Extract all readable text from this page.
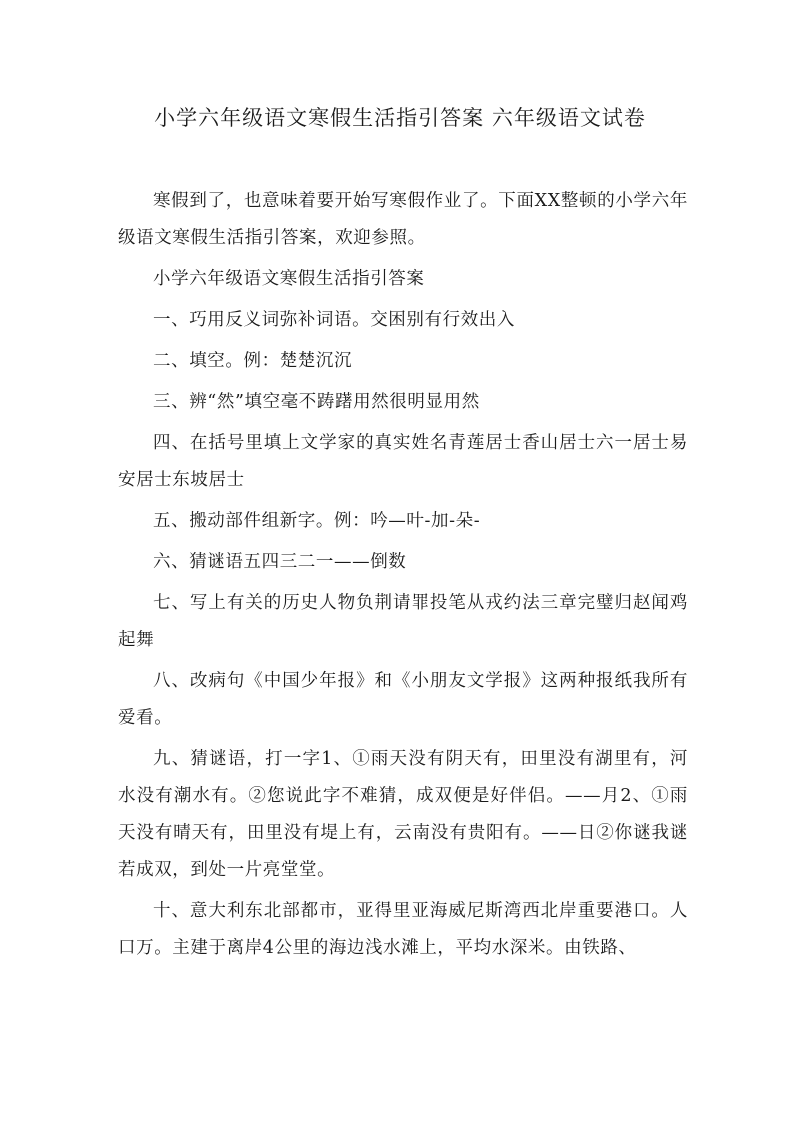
小学六年级语文寒假生活指引答案 六年级语文试卷

寒假到了，也意味着要开始写寒假作业了。下面XX整顿的小学六年级语文寒假生活指引答案，欢迎参照。

小学六年级语文寒假生活指引答案

一、巧用反义词弥补词语。交困别有行效出入

二、填空。例：楚楚沉沉

三、辨“然”填空毫不踌躇用然很明显用然

四、在括号里填上文学家的真实姓名青莲居士香山居士六一居士易安居士东坡居士

五、搬动部件组新字。例：吟—叶-加-朵-

六、猜谜语五四三二一——倒数

七、写上有关的历史人物负荆请罪投笔从戎约法三章完璧归赵闻鸡起舞

八、改病句《中国少年报》和《小朋友文学报》这两种报纸我所有爱看。

九、猜谜语，打一字1、①雨天没有阴天有，田里没有湖里有，河水没有潮水有。②您说此字不难猜，成双便是好伴侣。——月2、①雨天没有晴天有，田里没有堤上有，云南没有贵阳有。——日②你谜我谜若成双，到处一片亮堂堂。

十、意大利东北部都市，亚得里亚海威尼斯湾西北岸重要港口。人口万。主建于离岸4公里的海边浅水滩上，平均水深米。由铁路、
